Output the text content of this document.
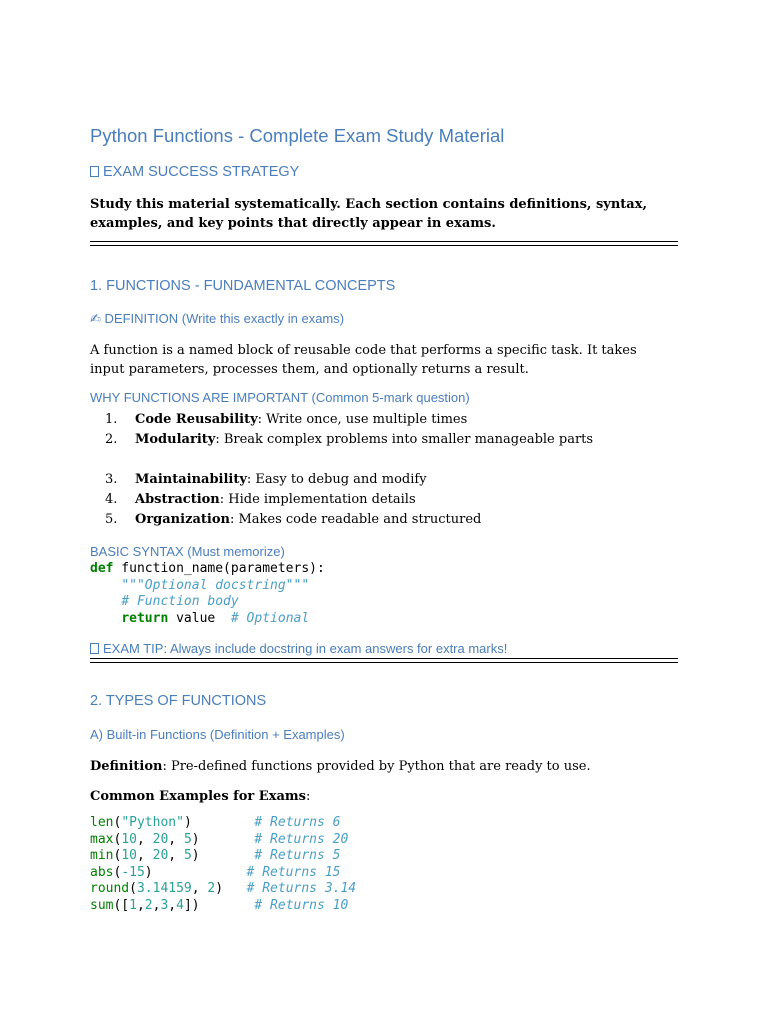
Python Functions - Complete Exam Study Material
EXAM SUCCESS STRATEGY

Study this material systematically. Each section contains definitions, syntax, examples, and key points that directly appear in exams.

1. FUNCTIONS - FUNDAMENTAL CONCEPTS
✍ DEFINITION (Write this exactly in exams)

A function is a named block of reusable code that performs a specific task. It takes input parameters, processes them, and optionally returns a result.

WHY FUNCTIONS ARE IMPORTANT (Common 5-mark question)
1. Code Reusability: Write once, use multiple times
2. Modularity: Break complex problems into smaller manageable parts
3. Maintainability: Easy to debug and modify
4. Abstraction: Hide implementation details
5. Organization: Makes code readable and structured
BASIC SYNTAX (Must memorize)
def function_name(parameters):
"""Optional docstring"""
# Function body
return value  # Optional
EXAM TIP: Always include docstring in exam answers for extra marks!
2. TYPES OF FUNCTIONS
A) Built-in Functions (Definition + Examples)

Definition: Pre-defined functions provided by Python that are ready to use.

Common Examples for Exams:

len("Python")	# Returns 6
max(10, 20, 5)	# Returns 20
min(10, 20, 5)	# Returns 5
abs(-15)	# Returns 15
round(3.14159, 2) # Returns 3.14
sum([1,2,3,4])	# Returns 10
